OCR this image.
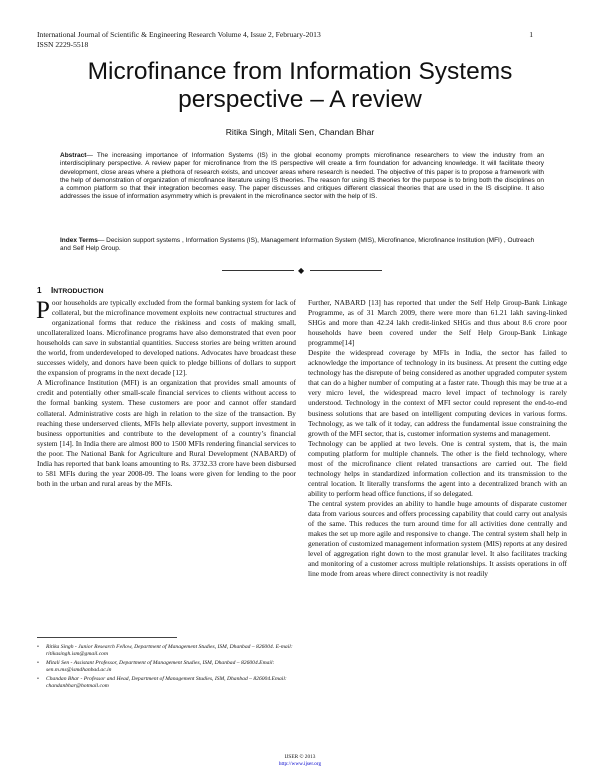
International Journal of Scientific & Engineering Research Volume 4, Issue 2, February-2013
ISSN 2229-5518
1
Microfinance from Information Systems
perspective – A review
Ritika Singh, Mitali Sen, Chandan Bhar

Abstract— The increasing importance of Information Systems (IS) in the global economy prompts microfinance researchers to view the industry from an interdisciplinary perspective. A review paper for microfinance from the IS perspective will create a firm foundation for advancing knowledge. It will facilitate theory development, close areas where a plethora of research exists, and uncover areas where research is needed. The objective of this paper is to propose a framework with the help of demonstration of organization of microfinance literature using IS theories. The reason for using IS theories for the purpose is to bring both the disciplines on a common platform so that their integration becomes easy. The paper discusses and critiques different classical theories that are used in the IS discipline. It also addresses the issue of information asymmetry which is prevalent in the microfinance sector with the help of IS.

Index Terms— Decision support systems , Information Systems (IS), Management Information System (MIS), Microfinance, Microfinance Institution (MFI) , Outreach and Self Help Group.

◆
1 INTRODUCTION

Poor households are typically excluded from the formal banking system for lack of collateral, but the microfinance movement exploits new contractual structures and organizational forms that reduce the riskiness and costs of making small, uncollateralized loans. Microfinance programs have also demonstrated that even poor households can save in substantial quantities. Success stories are being written around the world, from underdeveloped to developed nations. Advocates have broadcast these successes widely, and donors have been quick to pledge billions of dollars to support the expansion of programs in the next decade [12].

A Microfinance Institution (MFI) is an organization that provides small amounts of credit and potentially other small-scale financial services to clients without access to the formal banking system. These customers are poor and cannot offer standard collateral. Administrative costs are high in relation to the size of the transaction. By reaching these underserved clients, MFIs help alleviate poverty, support investment in business opportunities and contribute to the development of a country’s financial system [14]. In India there are almost 800 to 1500 MFIs rendering financial services to the poor. The National Bank for Agriculture and Rural Development (NABARD) of India has reported that bank loans amounting to Rs. 3732.33 crore have been disbursed to 581 MFIs during the year 2008-09. The loans were given for lending to the poor both in the urban and rural areas by the MFIs.

Further, NABARD [13] has reported that under the Self Help Group-Bank Linkage Programme, as of 31 March 2009, there were more than 61.21 lakh saving-linked SHGs and more than 42.24 lakh credit-linked SHGs and thus about 8.6 crore poor households have been covered under the Self Help Group-Bank Linkage programme[14]

Despite the widespread coverage by MFIs in India, the sector has failed to acknowledge the importance of technology in its business. At present the cutting edge technology has the disrepute of being considered as another upgraded computer system that can do a higher number of computing at a faster rate. Though this may be true at a very micro level, the widespread macro level impact of technology is rarely understood. Technology in the context of MFI sector could represent the end-to-end business solutions that are based on intelligent computing devices in various forms. Technology, as we talk of it today, can address the fundamental issue constraining the growth of the MFI sector, that is, customer information systems and management.

Technology can be applied at two levels. One is central system, that is, the main computing platform for multiple channels. The other is the field technology, where most of the microfinance client related transactions are carried out. The field technology helps in standardized information collection and its transmission to the central location. It literally transforms the agent into a decentralized branch with an ability to perform head office functions, if so delegated.

The central system provides an ability to handle huge amounts of disparate customer data from various sources and offers processing capability that could carry out analysis of the same. This reduces the turn around time for all activities done centrally and makes the set up more agile and responsive to change. The central system shall help in generation of customized management information system (MIS) reports at any desired level of aggregation right down to the most granular level. It also facilitates tracking and monitoring of a customer across multiple relationships. It assists operations in off line mode from areas where direct connectivity is not readily

• Ritika Singh - Junior Research Fellow, Department of Management Studies, ISM, Dhanbad – 826004. E-mail: ritikasingh.ism@gmail.com
• Mitali Sen - Assistant Professor, Department of Management Studies, ISM, Dhanbad – 826004.Email: sen.m.ms@ismdhanbad.ac.in
• Chandan Bhar - Professor and Head, Department of Management Studies, ISM, Dhanbad – 826004.Email: chandanbhar@hotmail.com
IJSER © 2013
http://www.ijser.org
